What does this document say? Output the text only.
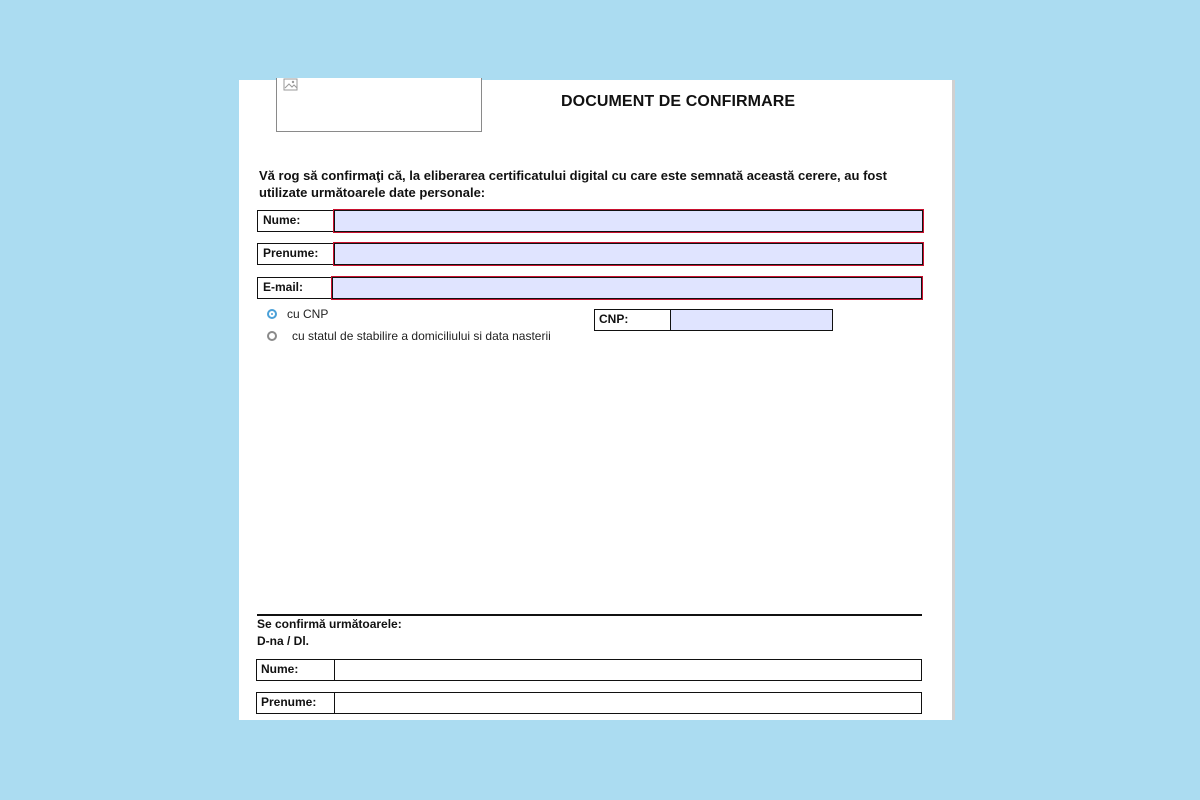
DOCUMENT DE CONFIRMARE
Vă rog să confirmaţi că, la eliberarea certificatului digital cu care este semnată această cerere, au fost utilizate următoarele date personale:
Nume:
Prenume:
E-mail:
cu CNP
cu statul de stabilire a domiciliului si data nasterii
CNP:
Se confirmă următoarele:
D-na / Dl.
Nume:
Prenume:
